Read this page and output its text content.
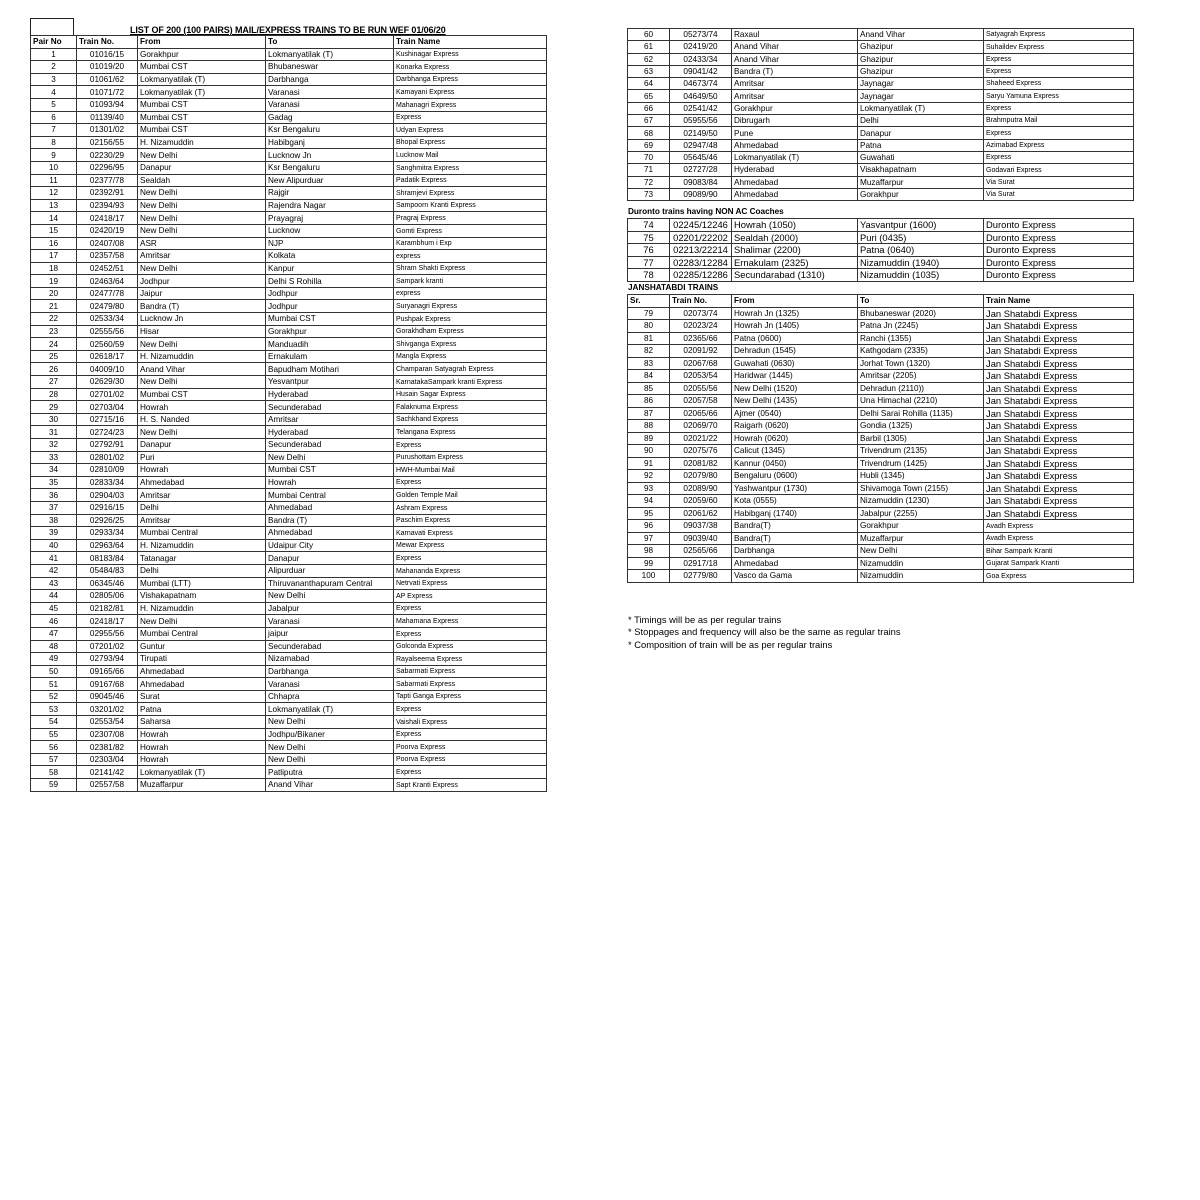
LIST OF 200 (100 PAIRS) MAIL/EXPRESS TRAINS TO BE RUN WEF 01/06/20
Pair No	Train No.	From	To	Train Name
1	01016/15	Gorakhpur	Lokmanyatilak (T)	Kushinagar Express
2	01019/20	Mumbai CST	Bhubaneswar	Konarka Express
3	01061/62	Lokmanyatilak (T)	Darbhanga	Darbhanga Express
4	01071/72	Lokmanyatilak (T)	Varanasi	Kamayani Express
5	01093/94	Mumbai CST	Varanasi	Mahanagri Express
6	01139/40	Mumbai CST	Gadag	Express
7	01301/02	Mumbai CST	Ksr Bengaluru	Udyan Express
8	02156/55	H. Nizamuddin	Habibganj	Bhopal Express
9	02230/29	New Delhi	Lucknow Jn	Lucknow Mail
10	02296/95	Danapur	Ksr Bengaluru	Sanghmitra Express
11	02377/78	Sealdah	New Alipurduar	Padatik Express
12	02392/91	New Delhi	Rajgir	Shramjevi Express
13	02394/93	New Delhi	Rajendra Nagar	Sampoorn Kranti Express
14	02418/17	New Delhi	Prayagraj	Pragraj Express
15	02420/19	New Delhi	Lucknow	Gomti Express
16	02407/08	ASR	NJP	Karambhum i Exp
17	02357/58	Amritsar	Kolkata	express
18	02452/51	New Delhi	Kanpur	Shram Shakti Express
19	02463/64	Jodhpur	Delhi S Rohilla	Sampark kranti
20	02477/78	Jaipur	Jodhpur	express
21	02479/80	Bandra (T)	Jodhpur	Suryanagri Express
22	02533/34	Lucknow Jn	Mumbai CST	Pushpak Express
23	02555/56	Hisar	Gorakhpur	Gorakhdham Express
24	02560/59	New Delhi	Manduadih	Shivganga Express
25	02618/17	H. Nizamuddin	Ernakulam	Mangla Express
26	04009/10	Anand Vihar	Bapudham Motihari	Champaran Satyagrah Express
27	02629/30	New Delhi	Yesvantpur	KarnatakaSampark kranti Express
28	02701/02	Mumbai CST	Hyderabad	Husain Sagar Express
29	02703/04	Howrah	Secunderabad	Falaknuma Express
30	02715/16	H. S. Nanded	Amritsar	Sachkhand Express
31	02724/23	New Delhi	Hyderabad	Telangana Express
32	02792/91	Danapur	Secunderabad	Express
33	02801/02	Puri	New Delhi	Purushottam Express
34	02810/09	Howrah	Mumbai CST	HWH-Mumbai Mail
35	02833/34	Ahmedabad	Howrah	Express
36	02904/03	Amritsar	Mumbai Central	Golden Temple Mail
37	02916/15	Delhi	Ahmedabad	Ashram Express
38	02926/25	Amritsar	Bandra (T)	Paschim Express
39	02933/34	Mumbai Central	Ahmedabad	Karnavati Express
40	02963/64	H. Nizamuddin	Udaipur City	Mewar Express
41	08183/84	Tatanagar	Danapur	Express
42	05484/83	Delhi	Alipurduar	Mahananda Express
43	06345/46	Mumbai (LTT)	Thiruvananthapuram Central	Netrvati Express
44	02805/06	Vishakapatnam	New Delhi	AP Express
45	02182/81	H. Nizamuddin	Jabalpur	Express
46	02418/17	New Delhi	Varanasi	Mahamana Express
47	02955/56	Mumbai Central	jaipur	Express
48	07201/02	Guntur	Secunderabad	Golconda Express
49	02793/94	Tirupati	Nizamabad	Rayalseema Express
50	09165/66	Ahmedabad	Darbhanga	Sabarmati Express
51	09167/68	Ahmedabad	Varanasi	Sabarmati Express
52	09045/46	Surat	Chhapra	Tapti Ganga Express
53	03201/02	Patna	Lokmanyatilak (T)	Express
54	02553/54	Saharsa	New Delhi	Vaishali Express
55	02307/08	Howrah	Jodhpu/Bikaner	Express
56	02381/82	Howrah	New Delhi	Poorva Express
57	02303/04	Howrah	New Delhi	Poorva Express
58	02141/42	Lokmanyatilak (T)	Patliputra	Express
59	02557/58	Muzaffarpur	Anand Vihar	Sapt Kranti Express
60	05273/74	Raxaul	Anand Vihar	Satyagrah Express
61	02419/20	Anand Vihar	Ghazipur	Suhaildev Express
62	02433/34	Anand Vihar	Ghazipur	Express
63	09041/42	Bandra (T)	Ghazipur	Express
64	04673/74	Amritsar	Jaynagar	Shaheed Express
65	04649/50	Amritsar	Jaynagar	Saryu Yamuna Express
66	02541/42	Gorakhpur	Lokmanyatilak (T)	Express
67	05955/56	Dibrugarh	Delhi	Brahmputra Mail
68	02149/50	Pune	Danapur	Express
69	02947/48	Ahmedabad	Patna	Azimabad Express
70	05645/46	Lokmanyatilak (T)	Guwahati	Express
71	02727/28	Hyderabad	Visakhapatnam	Godavari Express
72	09083/84	Ahmedabad	Muzaffarpur	Via Surat
73	09089/90	Ahmedabad	Gorakhpur	Via Surat
Duronto trains having NON AC Coaches
74	02245/12246	Howrah (1050)	Yasvantpur (1600)	Duronto Express
75	02201/22202	Sealdah (2000)	Puri (0435)	Duronto Express
76	02213/22214	Shalimar (2200)	Patna (0640)	Duronto Express
77	02283/12284	Ernakulam (2325)	Nizamuddin (1940)	Duronto Express
78	02285/12286	Secundarabad (1310)	Nizamuddin (1035)	Duronto Express
JANSHATABDI TRAINS
Sr.	Train No.	From	To	Train Name
79	02073/74	Howrah Jn (1325)	Bhubaneswar (2020)	Jan Shatabdi Express
80	02023/24	Howrah Jn (1405)	Patna Jn (2245)	Jan Shatabdi Express
81	02365/66	Patna (0600)	Ranchi (1355)	Jan Shatabdi Express
82	02091/92	Dehradun (1545)	Kathgodam (2335)	Jan Shatabdi Express
83	02067/68	Guwahati (0630)	Jorhat Town (1320)	Jan Shatabdi Express
84	02053/54	Haridwar (1445)	Amritsar (2205)	Jan Shatabdi Express
85	02055/56	New Delhi (1520)	Dehradun (2110))	Jan Shatabdi Express
86	02057/58	New Delhi (1435)	Una Himachal (2210)	Jan Shatabdi Express
87	02065/66	Ajmer (0540)	Delhi Sarai Rohilla (1135)	Jan Shatabdi Express
88	02069/70	Raigarh (0620)	Gondia (1325)	Jan Shatabdi Express
89	02021/22	Howrah (0620)	Barbil (1305)	Jan Shatabdi Express
90	02075/76	Calicut (1345)	Trivendrum (2135)	Jan Shatabdi Express
91	02081/82	Kannur (0450)	Trivendrum (1425)	Jan Shatabdi Express
92	02079/80	Bengaluru (0600)	Hubli (1345)	Jan Shatabdi Express
93	02089/90	Yashwantpur (1730)	Shivamoga Town (2155)	Jan Shatabdi Express
94	02059/60	Kota (0555)	Nizamuddin (1230)	Jan Shatabdi Express
95	02061/62	Habibganj (1740)	Jabalpur (2255)	Jan Shatabdi Express
96	09037/38	Bandra(T)	Gorakhpur	Avadh Express
97	09039/40	Bandra(T)	Muzaffarpur	Avadh Express
98	02565/66	Darbhanga	New Delhi	Bihar Sampark Kranti
99	02917/18	Ahmedabad	Nizamuddin	Gujarat Sampark Kranti
100	02779/80	Vasco da Gama	Nizamuddin	Goa Express
* Timings will be as per regular trains
* Stoppages and frequency will also be the same as regular trains
* Composition of train will be as per regular trains
